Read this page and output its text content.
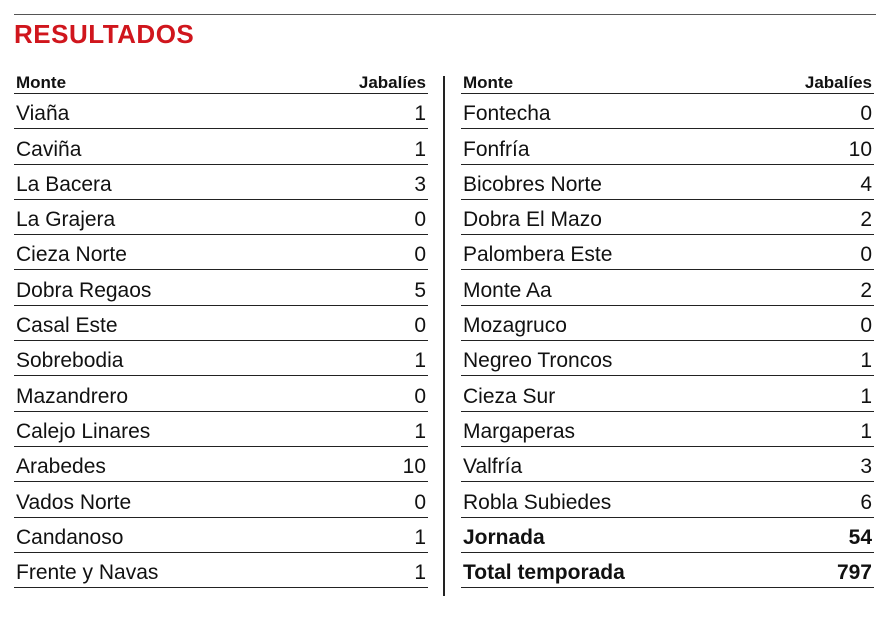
RESULTADOS
Monte	Jabalíes
Viaña	1
Caviña	1
La Bacera	3
La Grajera	0
Cieza Norte	0
Dobra Regaos	5
Casal Este	0
Sobrebodia	1
Mazandrero	0
Calejo Linares	1
Arabedes	10
Vados Norte	0
Candanoso	1
Frente y Navas	1
Monte	Jabalíes
Fontecha	0
Fonfría	10
Bicobres Norte	4
Dobra El Mazo	2
Palombera Este	0
Monte Aa	2
Mozagruco	0
Negreo Troncos	1
Cieza Sur	1
Margaperas	1
Valfría	3
Robla Subiedes	6
Jornada	54
Total temporada	797
